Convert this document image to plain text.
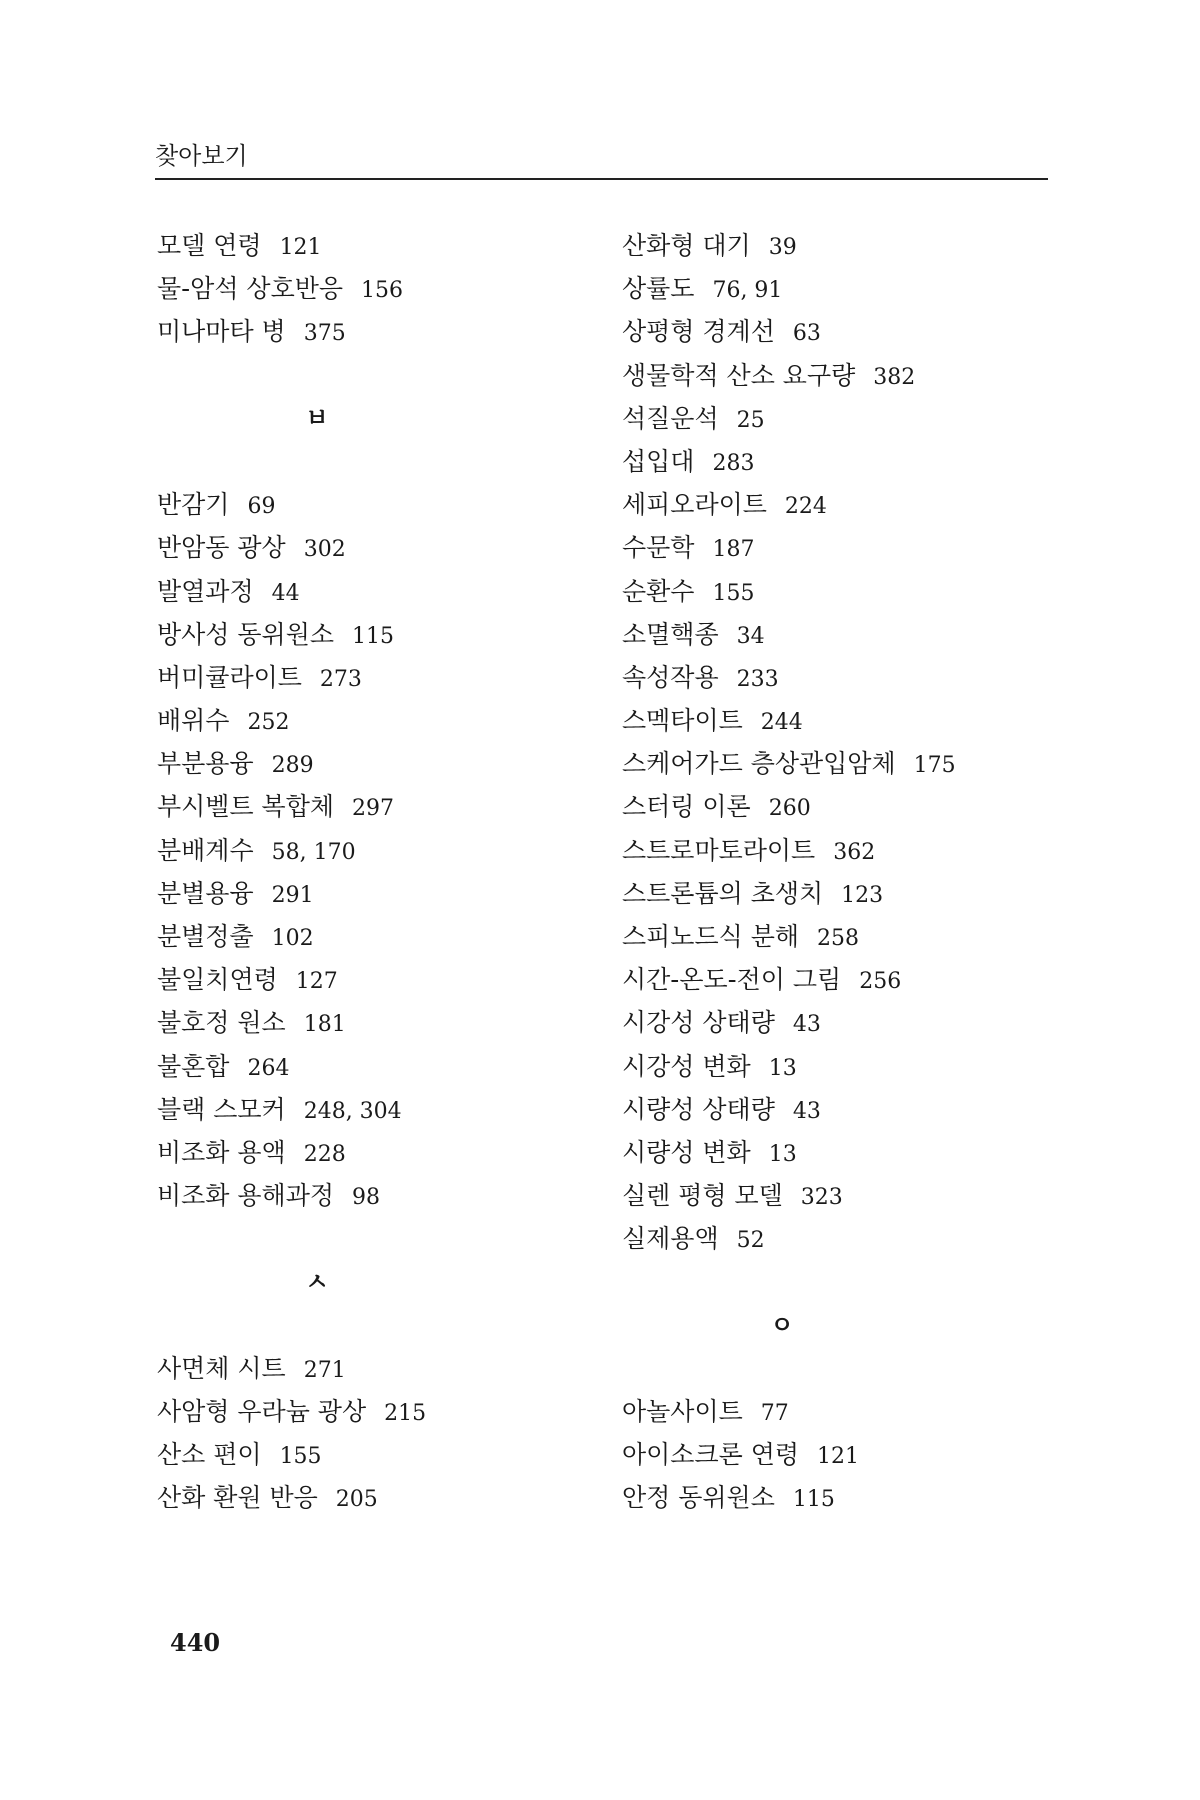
찾아보기
모델 연령 121
물-암석 상호반응 156
미나마타 병 375
ㅂ
반감기 69
반암동 광상 302
발열과정 44
방사성 동위원소 115
버미큘라이트 273
배위수 252
부분용융 289
부시벨트 복합체 297
분배계수 58, 170
분별용융 291
분별정출 102
불일치연령 127
불호정 원소 181
불혼합 264
블랙 스모커 248, 304
비조화 용액 228
비조화 용해과정 98
ㅅ
사면체 시트 271
사암형 우라늄 광상 215
산소 편이 155
산화 환원 반응 205
산화형 대기 39
상률도 76, 91
상평형 경계선 63
생물학적 산소 요구량 382
석질운석 25
섭입대 283
세피오라이트 224
수문학 187
순환수 155
소멸핵종 34
속성작용 233
스멕타이트 244
스케어가드 층상관입암체 175
스터링 이론 260
스트로마토라이트 362
스트론튬의 초생치 123
스피노드식 분해 258
시간-온도-전이 그림 256
시강성 상태량 43
시강성 변화 13
시량성 상태량 43
시량성 변화 13
실렌 평형 모델 323
실제용액 52
ㅇ
아놀사이트 77
아이소크론 연령 121
안정 동위원소 115
440
